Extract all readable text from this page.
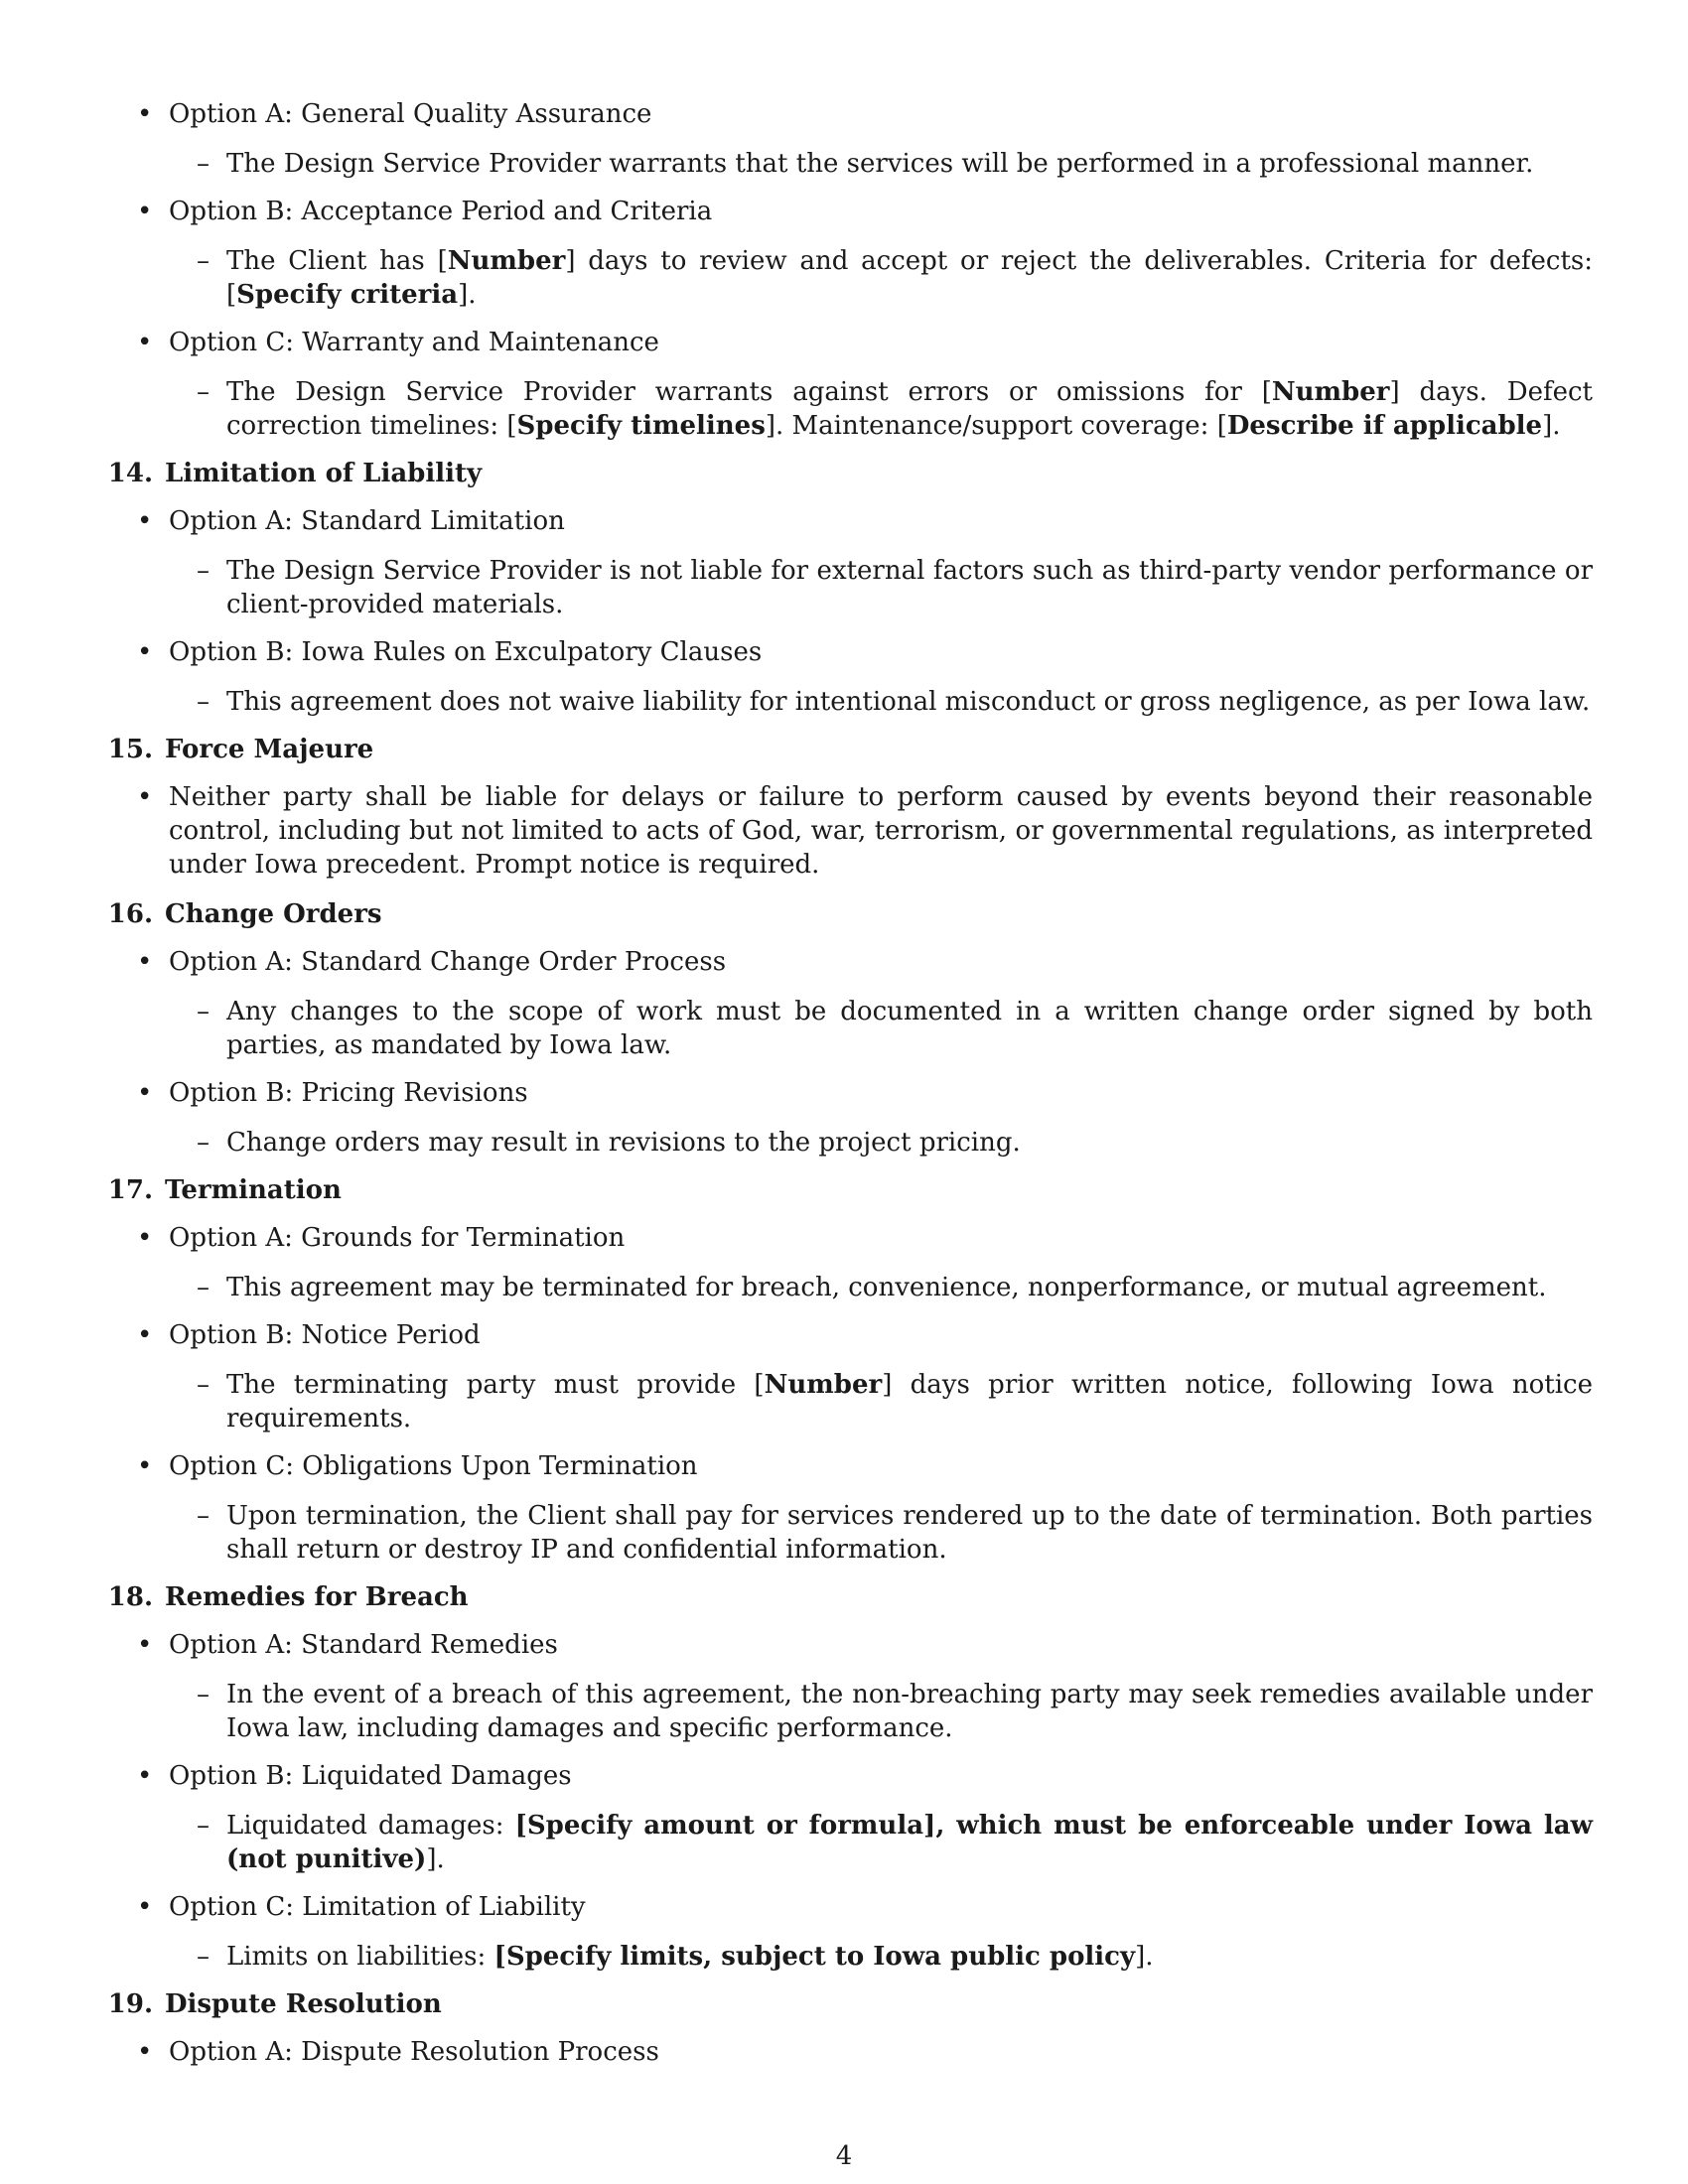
• Option A: General Quality Assurance
– The Design Service Provider warrants that the services will be performed in a professional manner.
• Option B: Acceptance Period and Criteria
– The Client has [Number] days to review and accept or reject the deliverables. Criteria for defects: [Specify criteria].
• Option C: Warranty and Maintenance
– The Design Service Provider warrants against errors or omissions for [Number] days. Defect correction timelines: [Specify timelines]. Maintenance/support coverage: [Describe if applicable].
14. Limitation of Liability
• Option A: Standard Limitation
– The Design Service Provider is not liable for external factors such as third-party vendor performance or client-provided materials.
• Option B: Iowa Rules on Exculpatory Clauses
– This agreement does not waive liability for intentional misconduct or gross negligence, as per Iowa law.
15. Force Majeure
• Neither party shall be liable for delays or failure to perform caused by events beyond their reasonable control, including but not limited to acts of God, war, terrorism, or governmental regulations, as interpreted under Iowa precedent. Prompt notice is required.
16. Change Orders
• Option A: Standard Change Order Process
– Any changes to the scope of work must be documented in a written change order signed by both parties, as mandated by Iowa law.
• Option B: Pricing Revisions
– Change orders may result in revisions to the project pricing.
17. Termination
• Option A: Grounds for Termination
– This agreement may be terminated for breach, convenience, nonperformance, or mutual agreement.
• Option B: Notice Period
– The terminating party must provide [Number] days prior written notice, following Iowa notice requirements.
• Option C: Obligations Upon Termination
– Upon termination, the Client shall pay for services rendered up to the date of termination. Both parties shall return or destroy IP and confidential information.
18. Remedies for Breach
• Option A: Standard Remedies
– In the event of a breach of this agreement, the non-breaching party may seek remedies available under Iowa law, including damages and specific performance.
• Option B: Liquidated Damages
– Liquidated damages: [Specify amount or formula], which must be enforceable under Iowa law (not punitive)].
• Option C: Limitation of Liability
– Limits on liabilities: [Specify limits, subject to Iowa public policy].
19. Dispute Resolution
• Option A: Dispute Resolution Process
4
